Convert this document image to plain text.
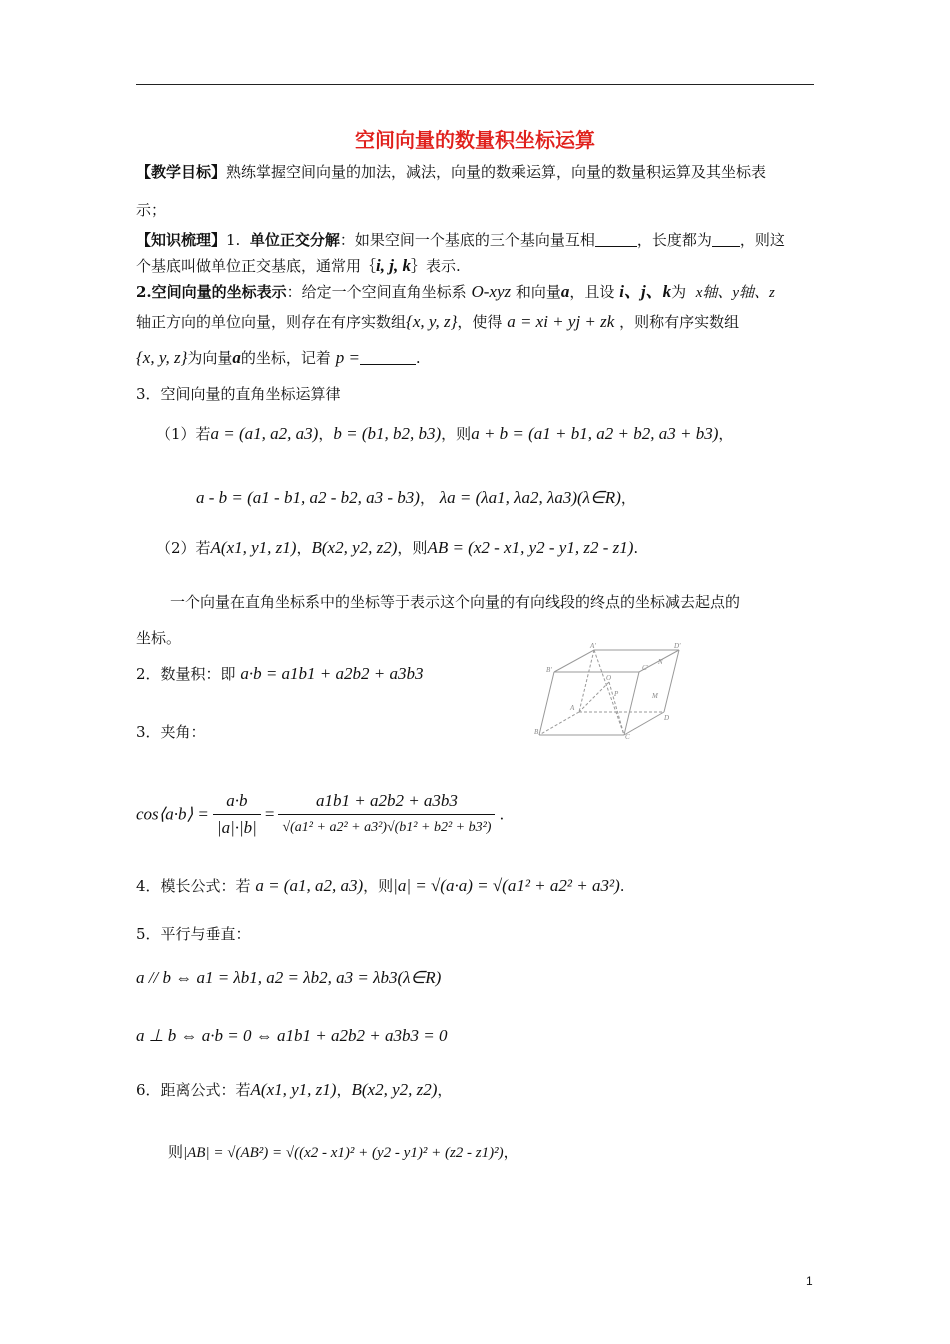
空间向量的数量积坐标运算
【教学目标】熟练掌握空间向量的加法，减法，向量的数乘运算，向量的数量积运算及其坐标表
示；
【知识梳理】1. 单位正交分解：如果空间一个基底的三个基向量互相	，长度都为 ，则这
个基底叫做单位正交基底，通常用｛i, j, k｝表示.
2.空间向量的坐标表示：给定一个空间直角坐标系 O-xyz 和向量a，且设 i、j、k为 x轴、y轴、z
轴正方向的单位向量，则存在有序实数组{x, y, z}，使得 a = xi + yj + zk ，则称有序实数组
{x, y, z}为向量a的坐标，记着 p =	.
3．空间向量的直角坐标运算律
（1）若a = (a1, a2, a3)，b = (b1, b2, b3)，则a + b = (a1 + b1, a2 + b2, a3 + b3)，
a - b = (a1 - b1, a2 - b2, a3 - b3)， λa = (λa1, λa2, λa3)(λ∈R)，
（2）若A(x1, y1, z1)，B(x2, y2, z2)，则AB = (x2 - x1, y2 - y1, z2 - z1).
一个向量在直角坐标系中的坐标等于表示这个向量的有向线段的终点的坐标减去起点的
坐标。
2．数量积：即 a·b = a1b1 + a2b2 + a3b3
A'
B'	C'
D'
O
P
N
M
A
B
C
D
3．夹角：
cos⟨a·b⟩ = $\frac{a\cdot b}{|a|\cdot|b|} = \frac{a1b1 + a2b2 + a3b3}{\text{√(a1² + a2² + a3²)√(b1² + b2² + b3²)}}$ .
4．模长公式：若 a = (a1, a2, a3)，则|a| = √(a·a) = √(a1² + a2² + a3²).
5．平行与垂直：
a // b ⇔ a1 = λb1, a2 = λb2, a3 = λb3(λ∈R)
a ⊥ b ⇔ a·b = 0 ⇔ a1b1 + a2b2 + a3b3 = 0
6．距离公式：若A(x1, y1, z1)，B(x2, y2, z2)，
则|AB| = √(AB²) = √((x2 - x1)² + (y2 - y1)² + (z2 - z1)²)，
1
